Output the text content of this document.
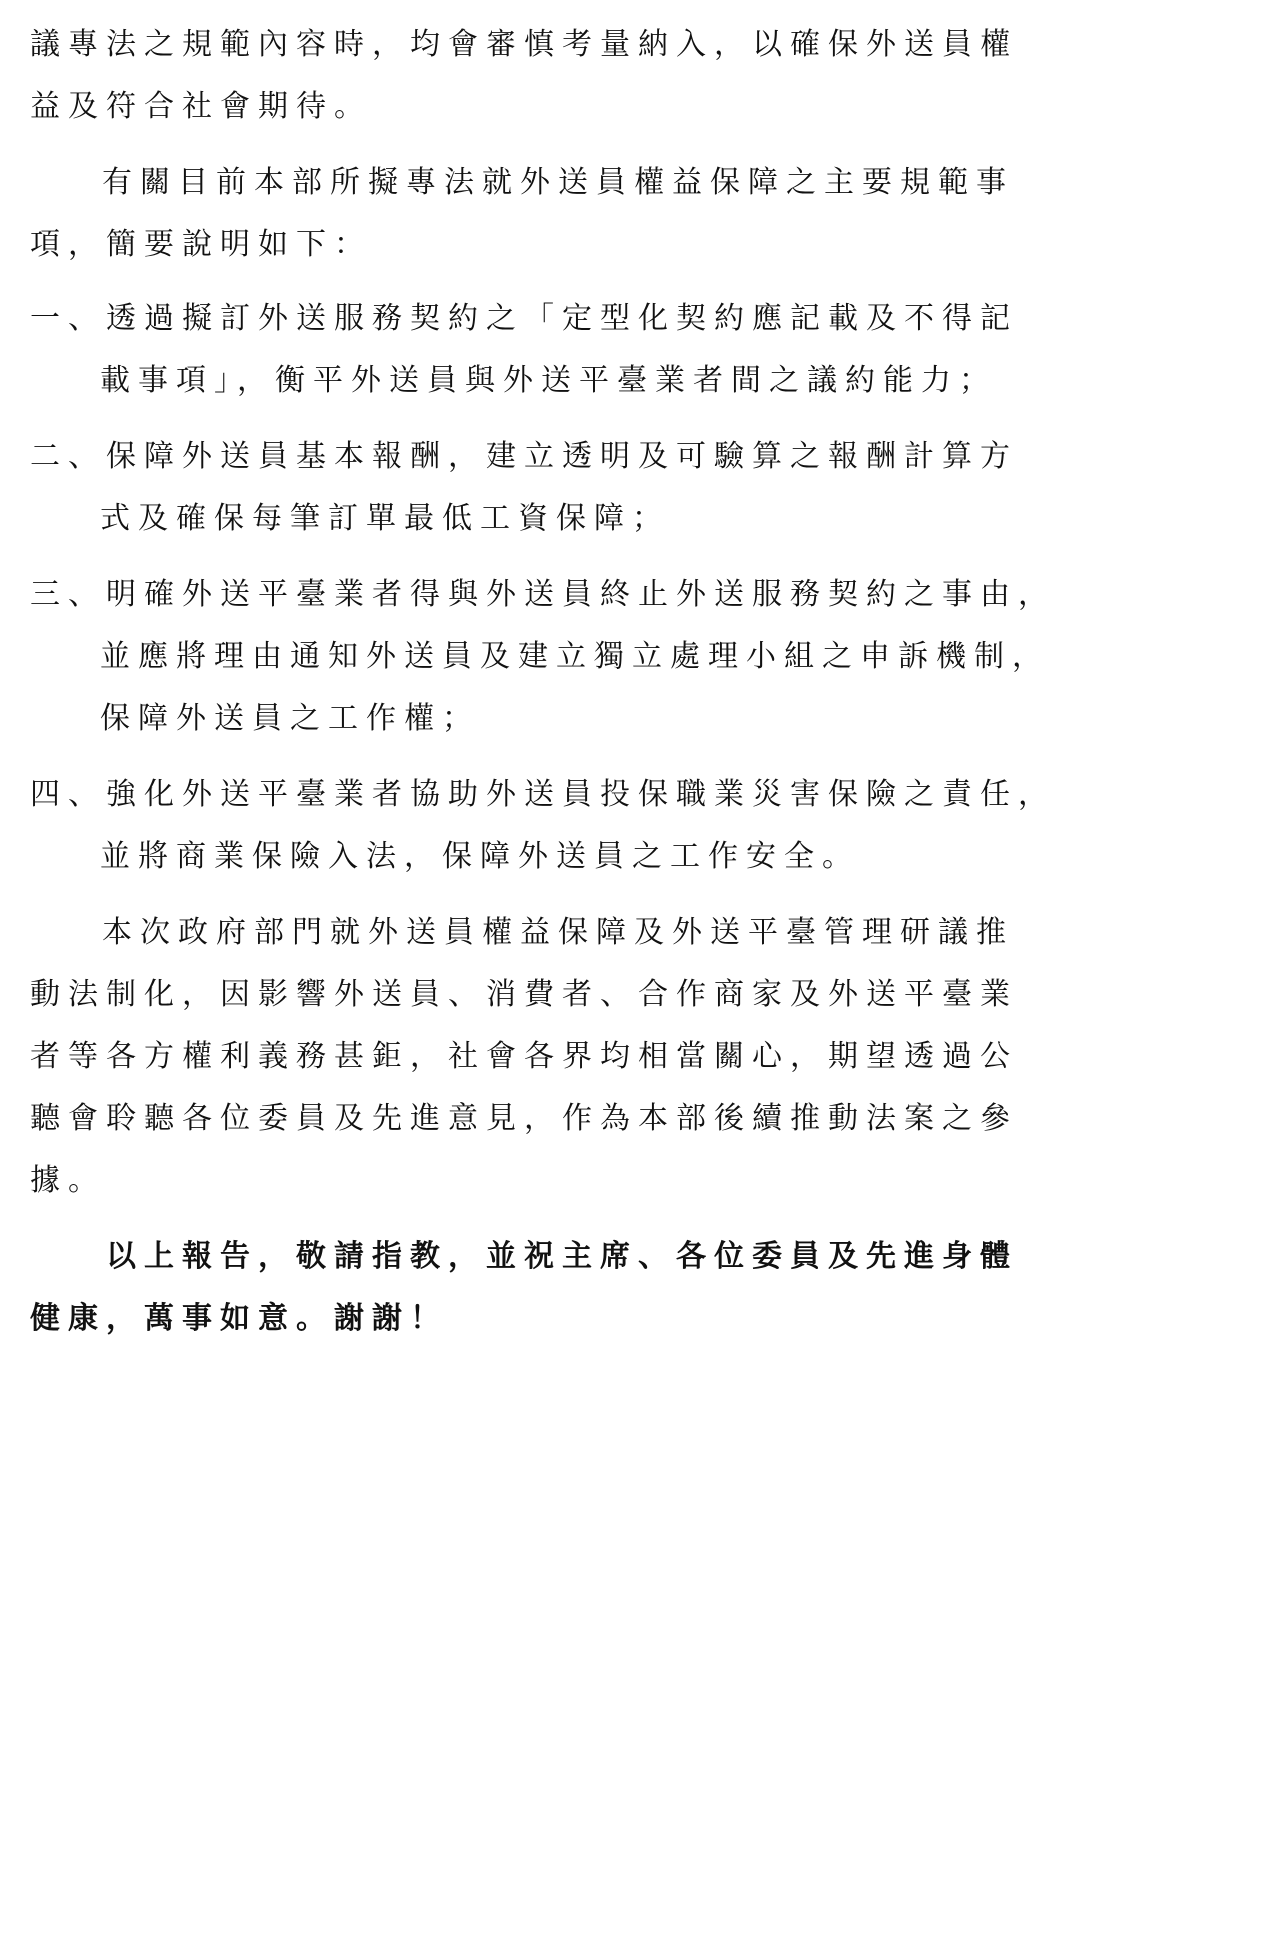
議專法之規範內容時，均會審慎考量納入，以確保外送員權
益及符合社會期待。
有關目前本部所擬專法就外送員權益保障之主要規範事
項，簡要說明如下：
一、透過擬訂外送服務契約之「定型化契約應記載及不得記
載事項」，衡平外送員與外送平臺業者間之議約能力；
二、保障外送員基本報酬，建立透明及可驗算之報酬計算方
式及確保每筆訂單最低工資保障；
三、明確外送平臺業者得與外送員終止外送服務契約之事由，
並應將理由通知外送員及建立獨立處理小組之申訴機制，
保障外送員之工作權；
四、強化外送平臺業者協助外送員投保職業災害保險之責任，
並將商業保險入法，保障外送員之工作安全。
本次政府部門就外送員權益保障及外送平臺管理研議推
動法制化，因影響外送員、消費者、合作商家及外送平臺業
者等各方權利義務甚鉅，社會各界均相當關心，期望透過公
聽會聆聽各位委員及先進意見，作為本部後續推動法案之參
據。
以上報告，敬請指教，並祝主席、各位委員及先進身體
健康，萬事如意。謝謝！
